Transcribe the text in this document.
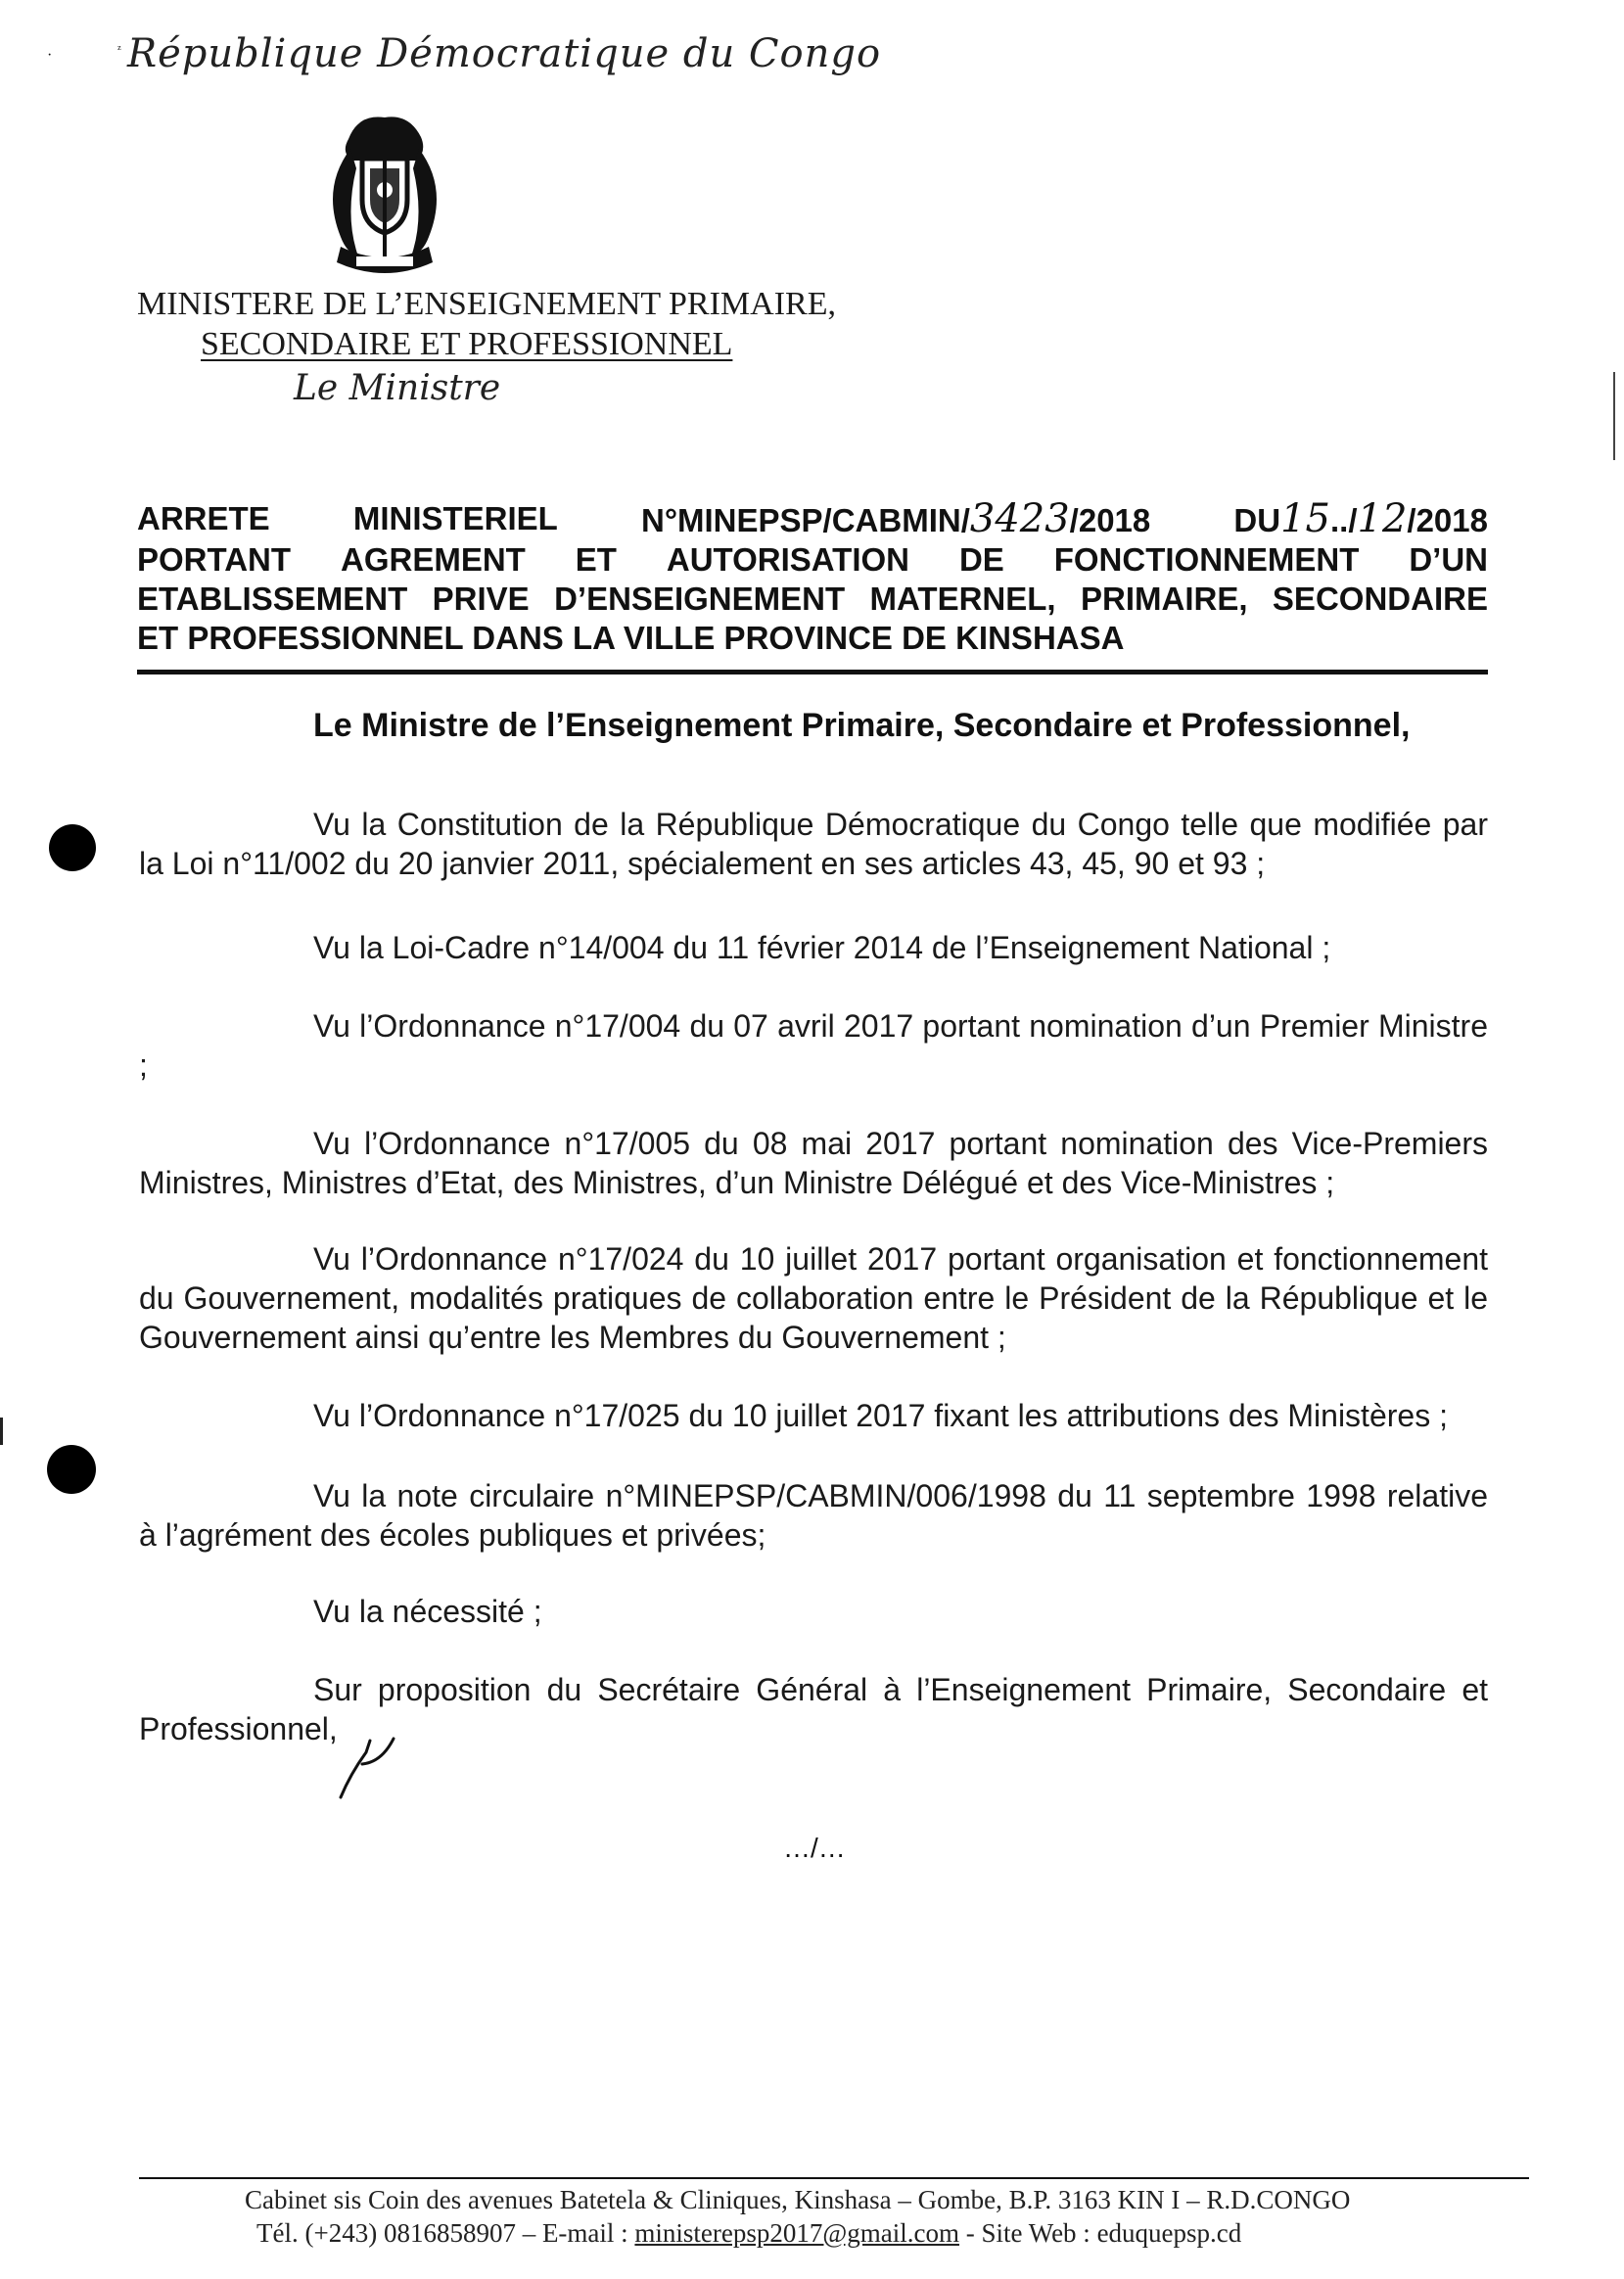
·	ᶻ République Démocratique du Congo
MINISTERE DE L’ENSEIGNEMENT PRIMAIRE,
SECONDAIRE ET PROFESSIONNEL
Le Ministre
ARRETE	MINISTERIEL	N°MINEPSP/CABMIN/3423/2018	DU15../12/2018
PORTANT AGREMENT ET AUTORISATION DE FONCTIONNEMENT D’UN
ETABLISSEMENT PRIVE D’ENSEIGNEMENT MATERNEL, PRIMAIRE, SECONDAIRE
ET PROFESSIONNEL DANS LA VILLE PROVINCE DE KINSHASA
Le Ministre de l’Enseignement Primaire, Secondaire et Professionnel,
Vu la Constitution de la République Démocratique du Congo telle que modifiée par la Loi n°11/002 du 20 janvier 2011, spécialement en ses articles 43, 45, 90 et 93 ;
Vu la Loi-Cadre n°14/004 du 11 février 2014 de l’Enseignement National ;
Vu l’Ordonnance n°17/004 du 07 avril 2017 portant nomination d’un Premier Ministre ;
Vu l’Ordonnance n°17/005 du 08 mai 2017 portant nomination des Vice-Premiers Ministres, Ministres d’Etat, des Ministres, d’un Ministre Délégué et des Vice-Ministres ;
Vu l’Ordonnance n°17/024 du 10 juillet 2017 portant organisation et fonctionnement du Gouvernement, modalités pratiques de collaboration entre le Président de la République et le Gouvernement ainsi qu’entre les Membres du Gouvernement ;
Vu l’Ordonnance n°17/025 du 10 juillet 2017 fixant les attributions des Ministères ;
Vu la note circulaire n°MINEPSP/CABMIN/006/1998 du 11 septembre 1998 relative à l’agrément des écoles publiques et privées;
Vu la nécessité ;
Sur proposition du Secrétaire Général à l’Enseignement Primaire, Secondaire et Professionnel,
…/…
Cabinet sis Coin des avenues Batetela & Cliniques, Kinshasa – Gombe, B.P. 3163 KIN I – R.D.CONGO
Tél. (+243) 0816858907 – E-mail : ministerepsp2017@gmail.com - Site Web : eduquepsp.cd
